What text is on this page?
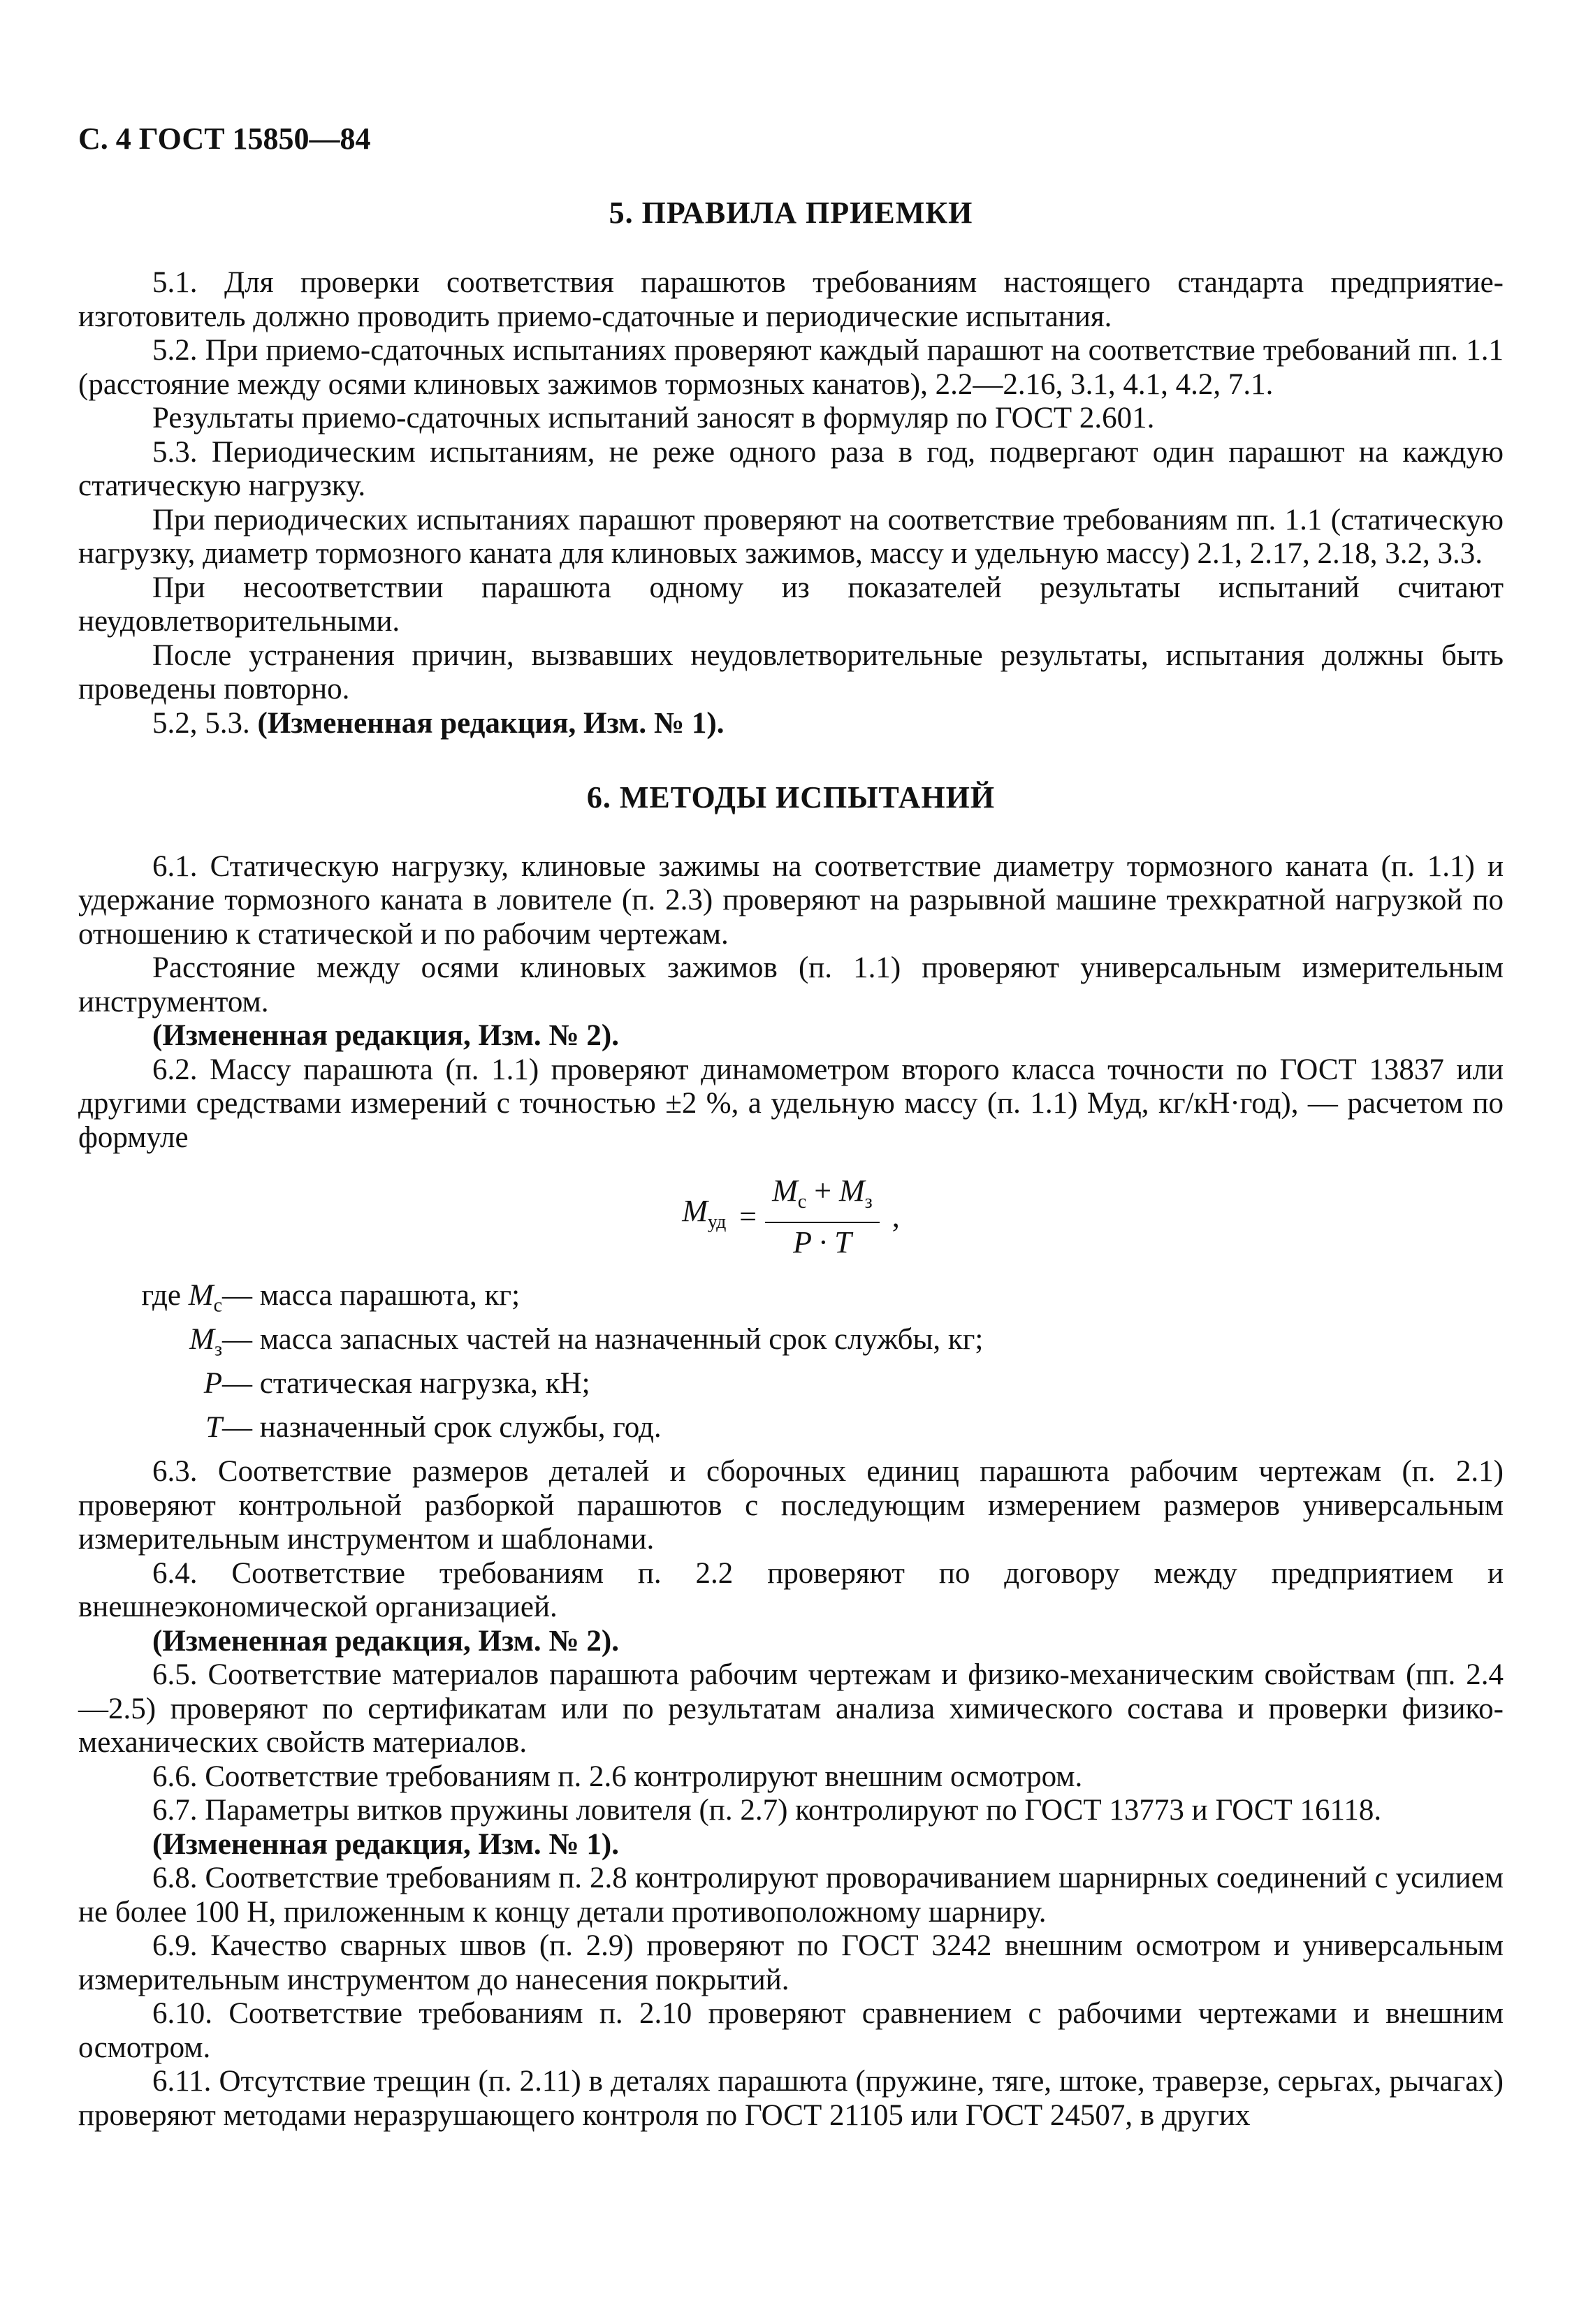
С. 4 ГОСТ 15850—84
5. ПРАВИЛА ПРИЕМКИ
5.1. Для проверки соответствия парашютов требованиям настоящего стандарта предприятие-изготовитель должно проводить приемо-сдаточные и периодические испытания.
5.2. При приемо-сдаточных испытаниях проверяют каждый парашют на соответствие требований пп. 1.1 (расстояние между осями клиновых зажимов тормозных канатов), 2.2—2.16, 3.1, 4.1, 4.2, 7.1.
Результаты приемо-сдаточных испытаний заносят в формуляр по ГОСТ 2.601.
5.3. Периодическим испытаниям, не реже одного раза в год, подвергают один парашют на каждую статическую нагрузку.
При периодических испытаниях парашют проверяют на соответствие требованиям пп. 1.1 (статическую нагрузку, диаметр тормозного каната для клиновых зажимов, массу и удельную массу) 2.1, 2.17, 2.18, 3.2, 3.3.
При несоответствии парашюта одному из показателей результаты испытаний считают неудовлетворительными.
После устранения причин, вызвавших неудовлетворительные результаты, испытания должны быть проведены повторно.
5.2, 5.3. (Измененная редакция, Изм. № 1).
6. МЕТОДЫ ИСПЫТАНИЙ
6.1. Статическую нагрузку, клиновые зажимы на соответствие диаметру тормозного каната (п. 1.1) и удержание тормозного каната в ловителе (п. 2.3) проверяют на разрывной машине трехкратной нагрузкой по отношению к статической и по рабочим чертежам.
Расстояние между осями клиновых зажимов (п. 1.1) проверяют универсальным измерительным инструментом.
(Измененная редакция, Изм. № 2).
6.2. Массу парашюта (п. 1.1) проверяют динамометром второго класса точности по ГОСТ 13837 или другими средствами измерений с точностью ±2 %, а удельную массу (п. 1.1) Муд, кг/кН·год), — расчетом по формуле
$M_{уд} = \frac{M_с + M_з}{P \cdot T}$ ,
где $M_с$ — масса парашюта, кг;
$M_з$ — масса запасных частей на назначенный срок службы, кг;
P — статическая нагрузка, кН;
T — назначенный срок службы, год.
6.3. Соответствие размеров деталей и сборочных единиц парашюта рабочим чертежам (п. 2.1) проверяют контрольной разборкой парашютов с последующим измерением размеров универсальным измерительным инструментом и шаблонами.
6.4. Соответствие требованиям п. 2.2 проверяют по договору между предприятием и внешнеэкономической организацией.
(Измененная редакция, Изм. № 2).
6.5. Соответствие материалов парашюта рабочим чертежам и физико-механическим свойствам (пп. 2.4—2.5) проверяют по сертификатам или по результатам анализа химического состава и проверки физико-механических свойств материалов.
6.6. Соответствие требованиям п. 2.6 контролируют внешним осмотром.
6.7. Параметры витков пружины ловителя (п. 2.7) контролируют по ГОСТ 13773 и ГОСТ 16118.
(Измененная редакция, Изм. № 1).
6.8. Соответствие требованиям п. 2.8 контролируют проворачиванием шарнирных соединений с усилием не более 100 Н, приложенным к концу детали противоположному шарниру.
6.9. Качество сварных швов (п. 2.9) проверяют по ГОСТ 3242 внешним осмотром и универсальным измерительным инструментом до нанесения покрытий.
6.10. Соответствие требованиям п. 2.10 проверяют сравнением с рабочими чертежами и внешним осмотром.
6.11. Отсутствие трещин (п. 2.11) в деталях парашюта (пружине, тяге, штоке, траверзе, серьгах, рычагах) проверяют методами неразрушающего контроля по ГОСТ 21105 или ГОСТ 24507, в других
